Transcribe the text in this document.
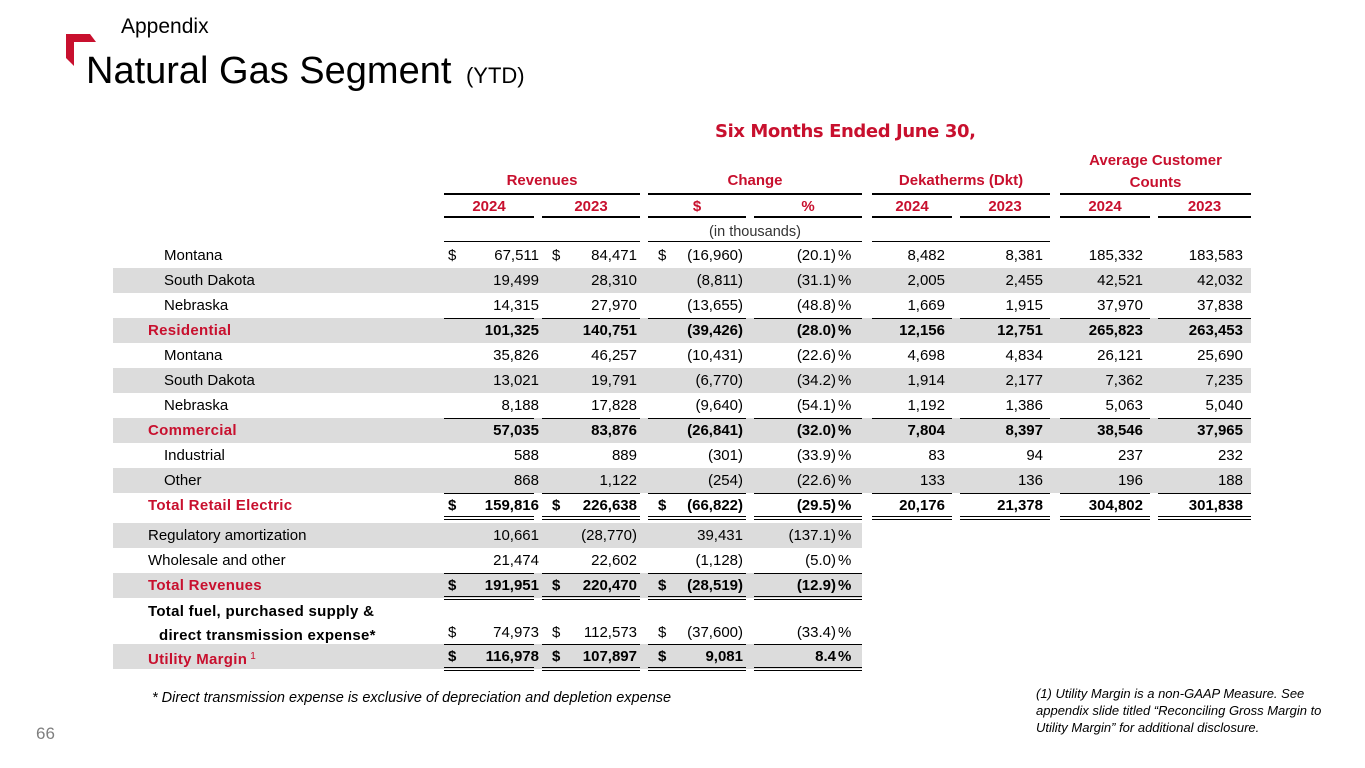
Appendix
Natural Gas Segment (YTD)
Six Months Ended June 30,
Revenues	Change	Dekatherms (Dkt)
Average Customer
Counts
2024	2023	$	%	2024	2023	2024	2023
(in thousands)
Montana	$	67,511 $ 84,471 $ (16,960)	(20.1) %	8,482	8,381	185,332	183,583
South Dakota	19,499	28,310	(8,811)	(31.1) %	2,005	2,455	42,521	42,032
Nebraska	14,315	27,970	(13,655)	(48.8) %	1,669	1,915	37,970	37,838
Residential	101,325	140,751	(39,426)	(28.0) %	12,156	12,751	265,823	263,453
Montana	35,826	46,257	(10,431)	(22.6) %	4,698	4,834	26,121	25,690
South Dakota	13,021	19,791	(6,770)	(34.2) %	1,914	2,177	7,362	7,235
Nebraska	8,188	17,828	(9,640)	(54.1) %	1,192	1,386	5,063	5,040
Commercial	57,035	83,876	(26,841)	(32.0) %	7,804	8,397	38,546	37,965
Industrial	588	889	(301)	(33.9) %	83	94	237	232
Other	868	1,122	(254)	(22.6) %	133	136	196	188
Total Retail Electric	$ 159,816 $ 226,638 $ (66,822)	(29.5) %	20,176	21,378	304,802	301,838
Regulatory amortization	10,661	(28,770)	39,431	(137.1) %
Wholesale and other	21,474	22,602	(1,128)	(5.0) %
Total Revenues	$ 191,951 $ 220,470 $ (28,519)	(12.9) %
Total fuel, purchased supply &
direct transmission expense*	$ 74,973 $ 112,573 $ (37,600)	(33.4) %
Utility Margin $^1$	$ 116,978 $ 107,897 $	9,081	8.4 %
* Direct transmission expense is exclusive of depreciation and depletion expense	(1) Utility Margin is a non-GAAP Measure. See appendix slide titled “Reconciling Gross Margin to Utility Margin” for additional disclosure.
66
